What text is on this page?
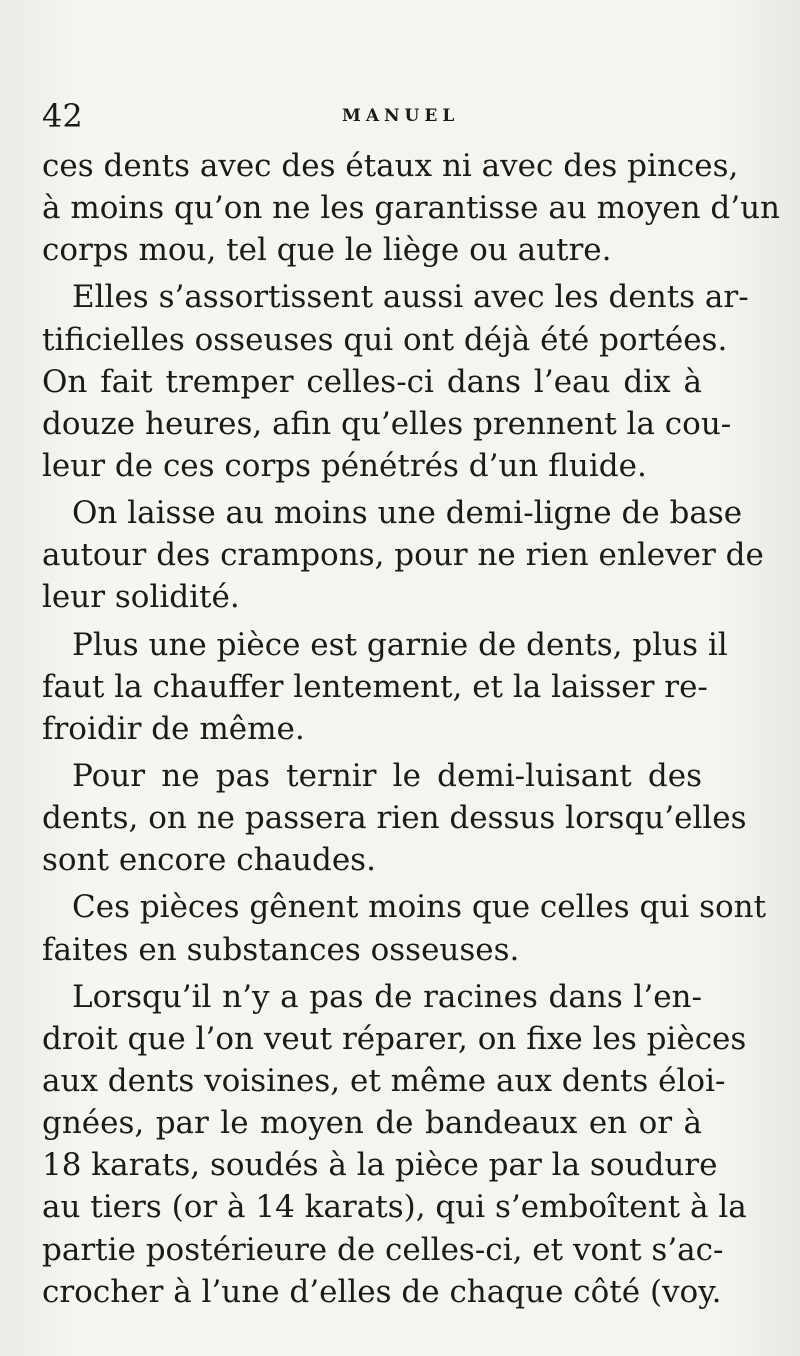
42	MANUEL
ces dents avec des étaux ni avec des pinces,
à moins qu’on ne les garantisse au moyen d’un
corps mou, tel que le liège ou autre.
Elles s’assortissent aussi avec les dents ar-
tificielles osseuses qui ont déjà été portées.
On fait tremper celles-ci dans l’eau dix à
douze heures, afin qu’elles prennent la cou-
leur de ces corps pénétrés d’un fluide.
On laisse au moins une demi-ligne de base
autour des crampons, pour ne rien enlever de
leur solidité.
Plus une pièce est garnie de dents, plus il
faut la chauffer lentement, et la laisser re-
froidir de même.
Pour ne pas ternir le demi-luisant des
dents, on ne passera rien dessus lorsqu’elles
sont encore chaudes.
Ces pièces gênent moins que celles qui sont
faites en substances osseuses.
Lorsqu’il n’y a pas de racines dans l’en-
droit que l’on veut réparer, on fixe les pièces
aux dents voisines, et même aux dents éloi-
gnées, par le moyen de bandeaux en or à
18 karats, soudés à la pièce par la soudure
au tiers (or à 14 karats), qui s’emboîtent à la
partie postérieure de celles-ci, et vont s’ac-
crocher à l’une d’elles de chaque côté (voy.
